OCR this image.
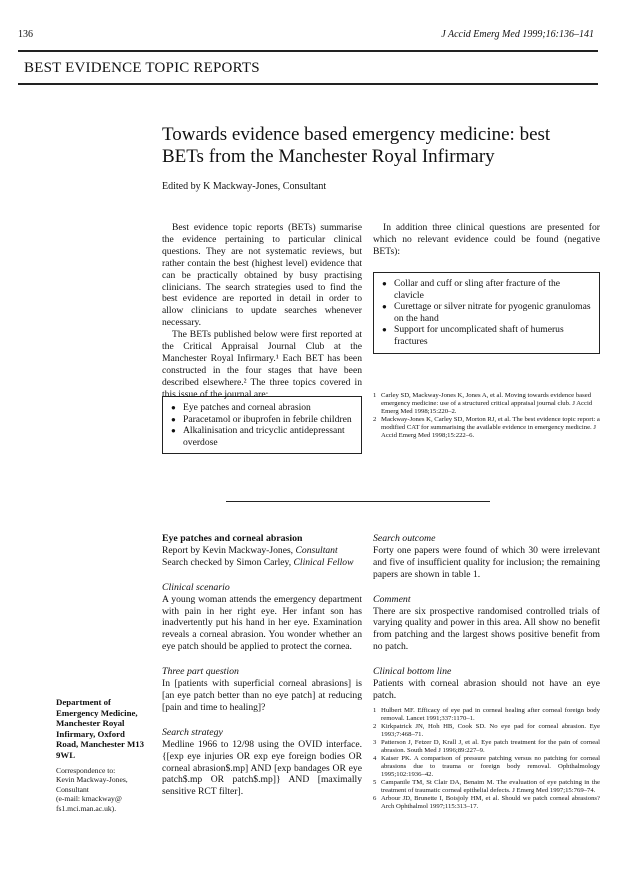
136	J Accid Emerg Med 1999;16:136–141
BEST EVIDENCE TOPIC REPORTS
Towards evidence based emergency medicine: best
BETs from the Manchester Royal Infirmary
Edited by K Mackway-Jones, Consultant

Best evidence topic reports (BETs) summarise the evidence pertaining to particular clinical questions. They are not systematic reviews, but rather contain the best (highest level) evidence that can be practically obtained by busy practising clinicians. The search strategies used to find the best evidence are reported in detail in order to allow clinicians to update searches whenever necessary.

The BETs published below were first reported at the Critical Appraisal Journal Club at the Manchester Royal Infirmary.¹ Each BET has been constructed in the four stages that have been described elsewhere.² The three topics covered in this issue of the journal are:

● Eye patches and corneal abrasion
● Paracetamol or ibuprofen in febrile children
● Alkalinisation and tricyclic antidepressant overdose

In addition three clinical questions are presented for which no relevant evidence could be found (negative BETs):

● Collar and cuff or sling after fracture of the clavicle
● Curettage or silver nitrate for pyogenic granulomas on the hand
● Support for uncomplicated shaft of humerus fractures
1 Carley SD, Mackway-Jones K, Jones A, et al. Moving towards evidence based emergency medicine: use of a structured critical appraisal journal club. J Accid Emerg Med 1998;15:220–2.
2 Mackway-Jones K, Carley SD, Morton RJ, et al. The best evidence topic report: a modified CAT for summarising the available evidence in emergency medicine. J Accid Emerg Med 1998;15:222–6.
Department of
Emergency Medicine,
Manchester Royal
Infirmary, Oxford
Road, Manchester M13
9WL
Correspondence to:
Kevin Mackway-Jones,
Consultant
(e-mail: kmackway@
fs1.mci.man.ac.uk).
Eye patches and corneal abrasion
Report by Kevin Mackway-Jones, Consultant
Search checked by Simon Carley, Clinical Fellow
Clinical scenario

A young woman attends the emergency department with pain in her right eye. Her infant son has inadvertently put his hand in her eye. Examination reveals a corneal abrasion. You wonder whether an eye patch should be applied to protect the cornea.

Three part question

In [patients with superficial corneal abrasions] is [an eye patch better than no eye patch] at reducing [pain and time to healing]?

Search strategy

Medline 1966 to 12/98 using the OVID interface. {[exp eye injuries OR exp eye foreign bodies OR corneal abrasion$.mp] AND [exp bandages OR eye patch$.mp OR patch$.mp]} AND [maximally sensitive RCT filter].

Search outcome

Forty one papers were found of which 30 were irrelevant and five of insufficient quality for inclusion; the remaining papers are shown in table 1.

Comment

There are six prospective randomised controlled trials of varying quality and power in this area. All show no benefit from patching and the largest shows positive benefit from no patch.

Clinical bottom line

Patients with corneal abrasion should not have an eye patch.

1 Hulbert MF. Efficacy of eye pad in corneal healing after corneal foreign body removal. Lancet 1991;337:1170–1.
2 Kirkpatrick JN, Hoh HB, Cook SD. No eye pad for corneal abrasion. Eye 1993;7:468–71.
3 Patterson J, Fetzer D, Krall J, et al. Eye patch treatment for the pain of corneal abrasion. South Med J 1996;89:227–9.
4 Kaiser PK. A comparison of pressure patching versus no patching for corneal abrasions due to trauma or foreign body removal. Ophthalmology 1995;102:1936–42.
5 Campanile TM, St Clair DA, Benaim M. The evaluation of eye patching in the treatment of traumatic corneal epithelial defects. J Emerg Med 1997;15:769–74.
6 Arbour JD, Brunette I, Boisjoly HM, et al. Should we patch corneal abrasions? Arch Ophthalmol 1997;115:313–17.
